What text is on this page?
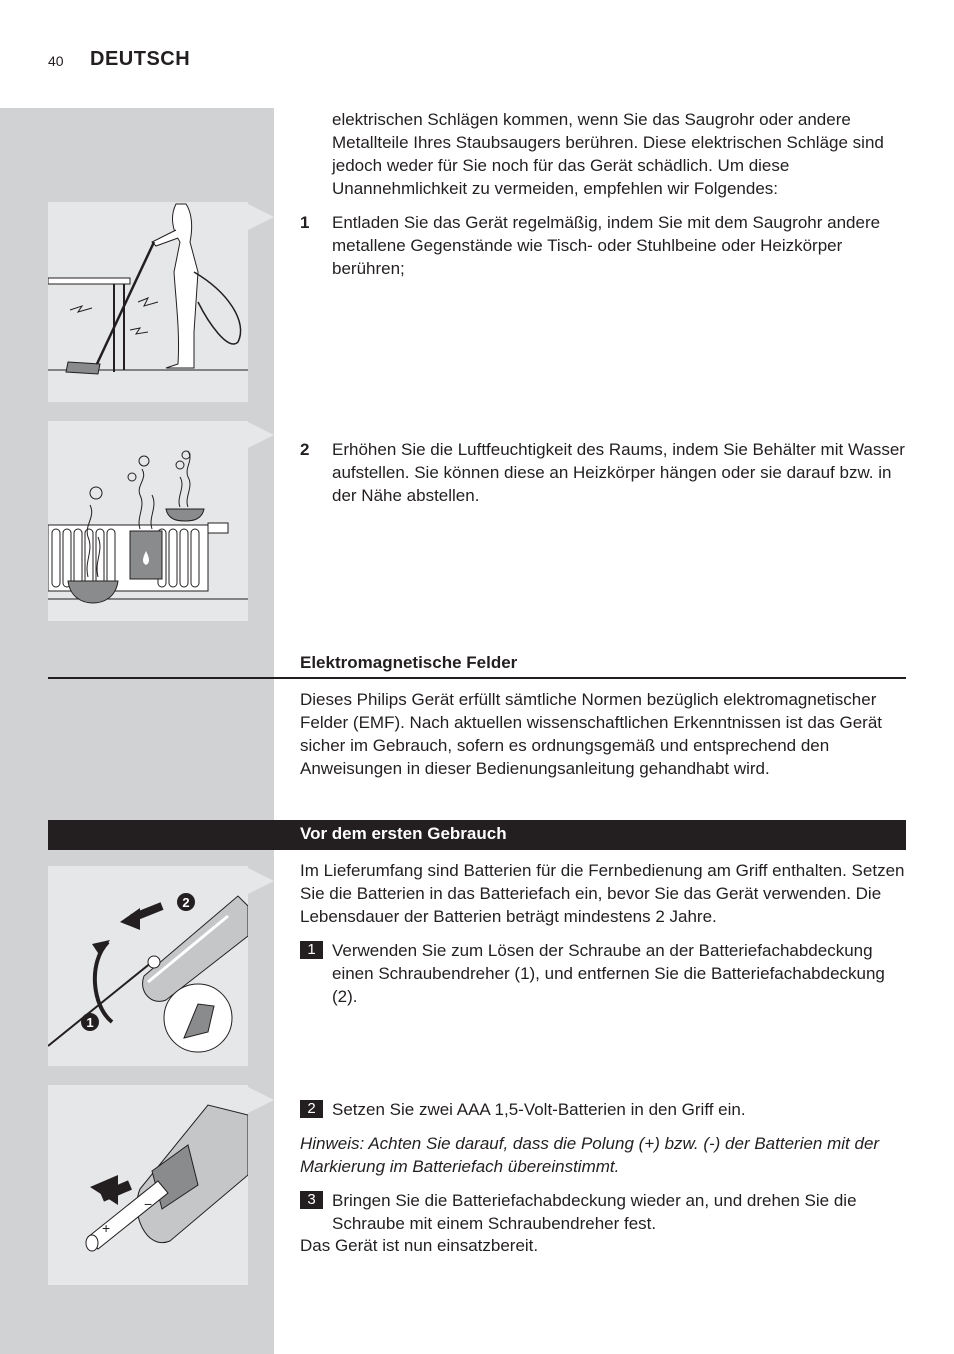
40 DEUTSCH
2
1
+
−

elektrischen Schlägen kommen, wenn Sie das Saugrohr oder andere Metallteile Ihres Staubsaugers berühren. Diese elektrischen Schläge sind jedoch weder für Sie noch für das Gerät schädlich. Um diese Unannehmlichkeit zu vermeiden, empfehlen wir Folgendes:

1 Entladen Sie das Gerät regelmäßig, indem Sie mit dem Saugrohr andere metallene Gegenstände wie Tisch- oder Stuhlbeine oder Heizkörper berühren;
2 Erhöhen Sie die Luftfeuchtigkeit des Raums, indem Sie Behälter mit Wasser aufstellen. Sie können diese an Heizkörper hängen oder sie darauf bzw. in der Nähe abstellen.
Elektromagnetische Felder

Dieses Philips Gerät erfüllt sämtliche Normen bezüglich elektromagnetischer Felder (EMF). Nach aktuellen wissenschaftlichen Erkenntnissen ist das Gerät sicher im Gebrauch, sofern es ordnungsgemäß und entsprechend den Anweisungen in dieser Bedienungsanleitung gehandhabt wird.

Vor dem ersten Gebrauch

Im Lieferumfang sind Batterien für die Fernbedienung am Griff enthalten. Setzen Sie die Batterien in das Batteriefach ein, bevor Sie das Gerät verwenden. Die Lebensdauer der Batterien beträgt mindestens 2 Jahre.

1 Verwenden Sie zum Lösen der Schraube an der Batteriefachabdeckung einen Schraubendreher (1), und entfernen Sie die Batteriefachabdeckung (2).
2 Setzen Sie zwei AAA 1,5-Volt-Batterien in den Griff ein.

Hinweis: Achten Sie darauf, dass die Polung (+) bzw. (-) der Batterien mit der Markierung im Batteriefach übereinstimmt.

3 Bringen Sie die Batteriefachabdeckung wieder an, und drehen Sie die Schraube mit einem Schraubendreher fest.

Das Gerät ist nun einsatzbereit.
